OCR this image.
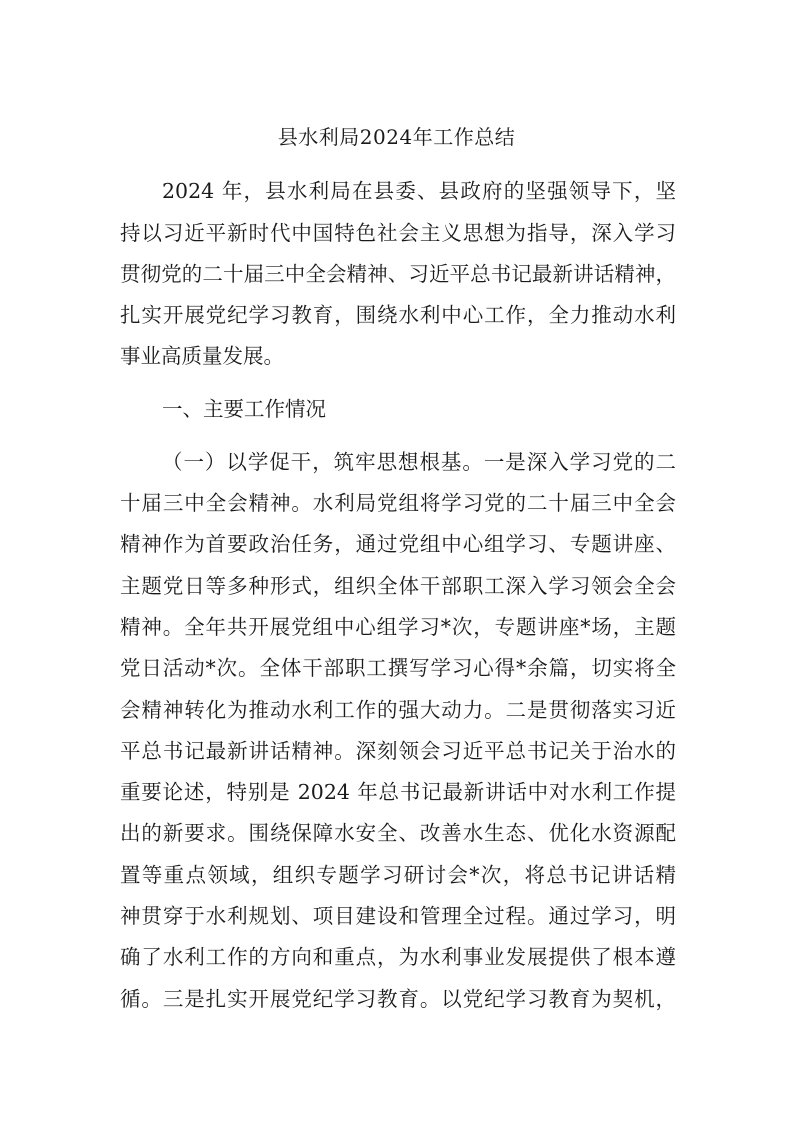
县水利局2024年工作总结
2024 年，县水利局在县委、县政府的坚强领导下，坚
持以习近平新时代中国特色社会主义思想为指导，深入学习
贯彻党的二十届三中全会精神、习近平总书记最新讲话精神，
扎实开展党纪学习教育，围绕水利中心工作，全力推动水利
事业高质量发展。
一、主要工作情况
（一）以学促干，筑牢思想根基。一是深入学习党的二
十届三中全会精神。水利局党组将学习党的二十届三中全会
精神作为首要政治任务，通过党组中心组学习、专题讲座、
主题党日等多种形式，组织全体干部职工深入学习领会全会
精神。全年共开展党组中心组学习*次，专题讲座*场，主题
党日活动*次。全体干部职工撰写学习心得*余篇，切实将全
会精神转化为推动水利工作的强大动力。二是贯彻落实习近
平总书记最新讲话精神。深刻领会习近平总书记关于治水的
重要论述，特别是 2024 年总书记最新讲话中对水利工作提
出的新要求。围绕保障水安全、改善水生态、优化水资源配
置等重点领域，组织专题学习研讨会*次，将总书记讲话精
神贯穿于水利规划、项目建设和管理全过程。通过学习，明
确了水利工作的方向和重点，为水利事业发展提供了根本遵
循。三是扎实开展党纪学习教育。以党纪学习教育为契机，
